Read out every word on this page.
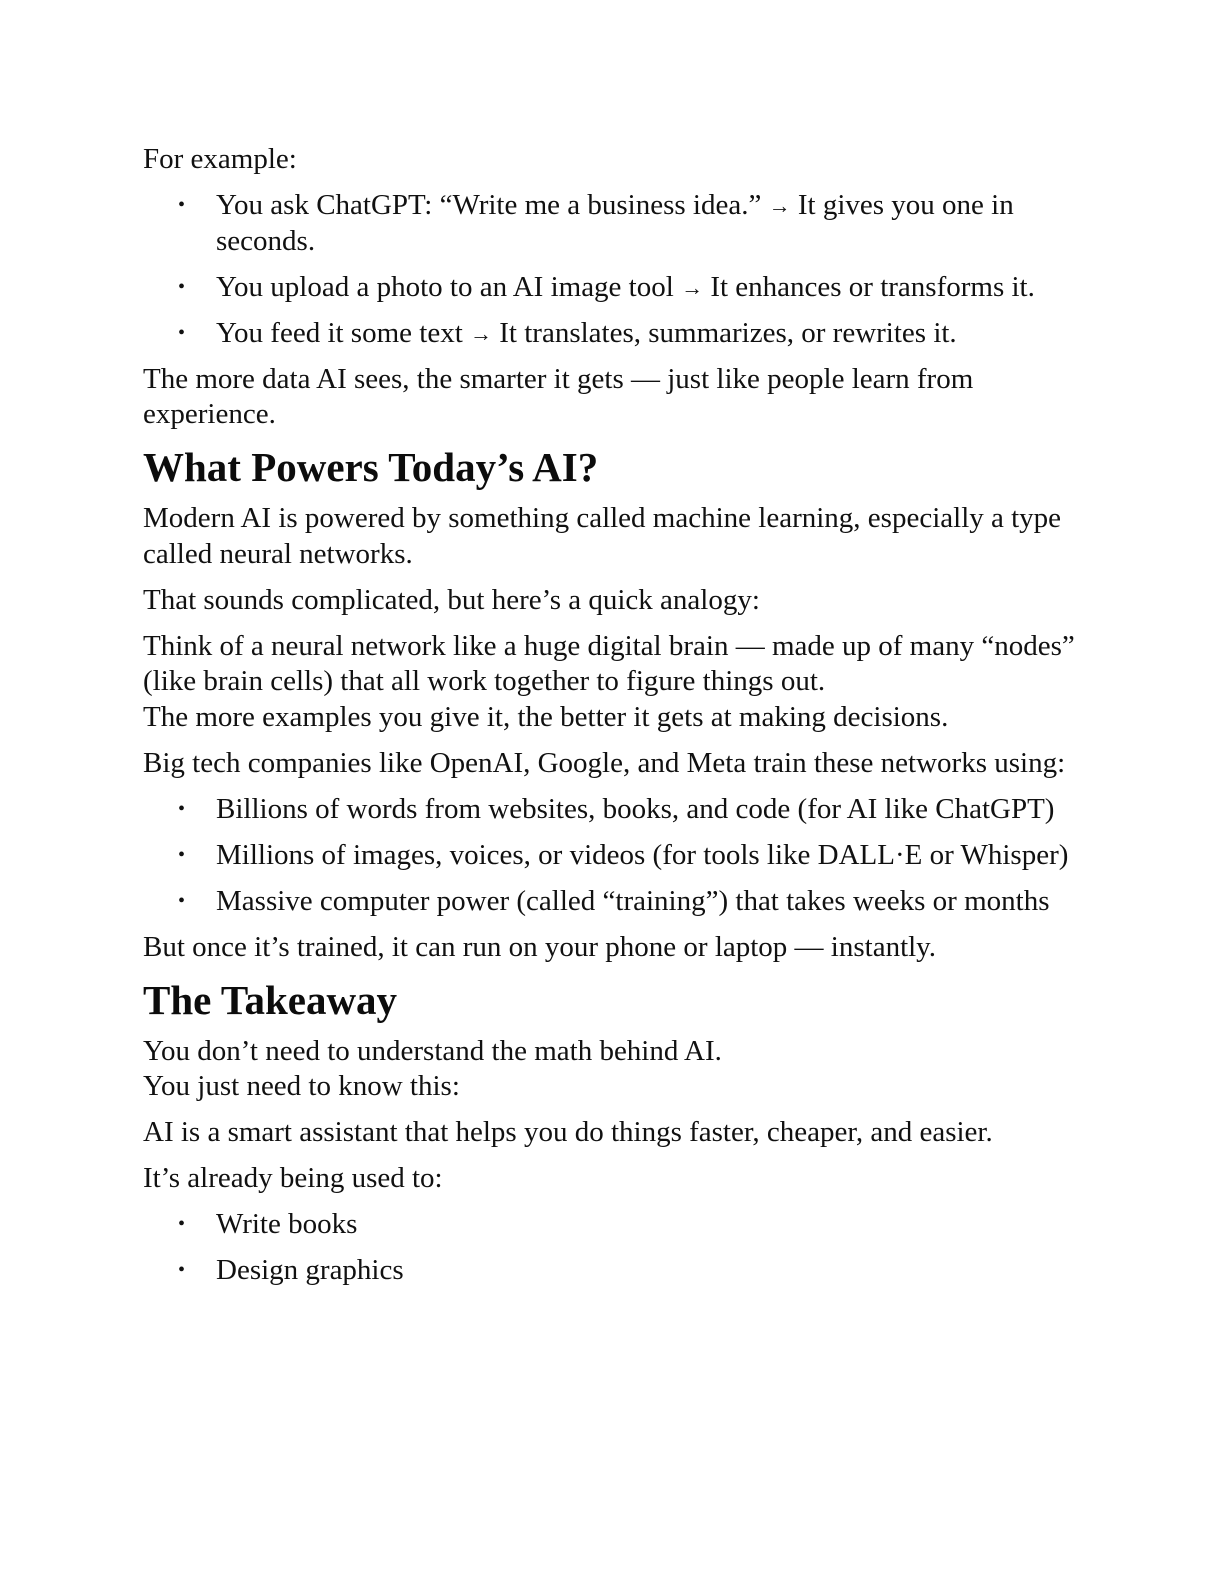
For example:

• You ask ChatGPT: “Write me a business idea.” → It gives you one in seconds.
• You upload a photo to an AI image tool → It enhances or transforms it.
• You feed it some text → It translates, summarizes, or rewrites it.

The more data AI sees, the smarter it gets — just like people learn from experience.

What Powers Today’s AI?

Modern AI is powered by something called machine learning, especially a type called neural networks.

That sounds complicated, but here’s a quick analogy:

Think of a neural network like a huge digital brain — made up of many “nodes” (like brain cells) that all work together to figure things out.
The more examples you give it, the better it gets at making decisions.

Big tech companies like OpenAI, Google, and Meta train these networks using:

• Billions of words from websites, books, and code (for AI like ChatGPT)
• Millions of images, voices, or videos (for tools like DALL·E or Whisper)
• Massive computer power (called “training”) that takes weeks or months

But once it’s trained, it can run on your phone or laptop — instantly.

The Takeaway

You don’t need to understand the math behind AI.
You just need to know this:

AI is a smart assistant that helps you do things faster, cheaper, and easier.

It’s already being used to:

• Write books
• Design graphics
